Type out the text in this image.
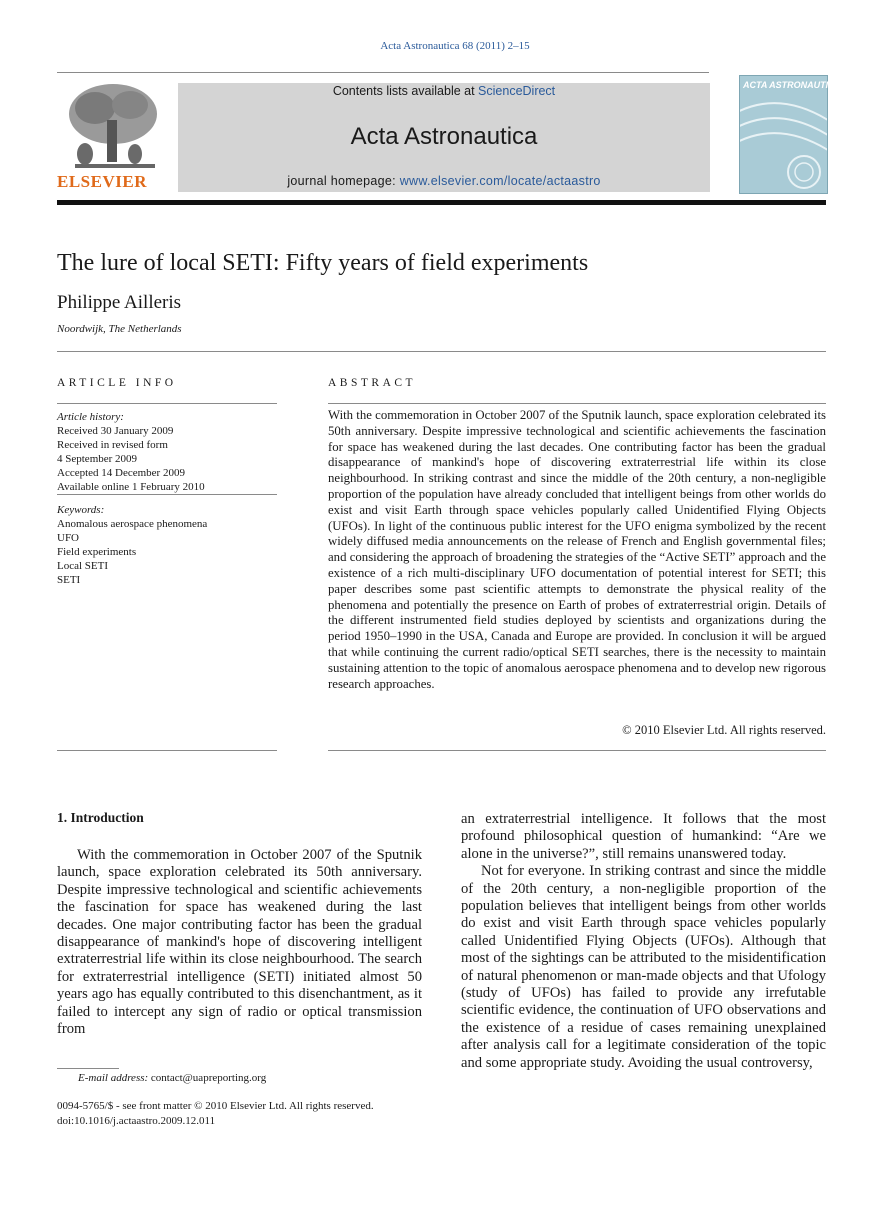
Acta Astronautica 68 (2011) 2–15
ELSEVIER
Contents lists available at ScienceDirect
Acta Astronautica
journal homepage: www.elsevier.com/locate/actaastro
ACTA ASTRONAUTICA
The lure of local SETI: Fifty years of field experiments
Philippe Ailleris
Noordwijk, The Netherlands
ARTICLE INFO
Article history:
Received 30 January 2009
Received in revised form
4 September 2009
Accepted 14 December 2009
Available online 1 February 2010
Keywords:
Anomalous aerospace phenomena
UFO
Field experiments
Local SETI
SETI
ABSTRACT
With the commemoration in October 2007 of the Sputnik launch, space exploration celebrated its 50th anniversary. Despite impressive technological and scientific achievements the fascination for space has weakened during the last decades. One contributing factor has been the gradual disappearance of mankind's hope of discovering extraterrestrial life within its close neighbourhood. In striking contrast and since the middle of the 20th century, a non-negligible proportion of the population have already concluded that intelligent beings from other worlds do exist and visit Earth through space vehicles popularly called Unidentified Flying Objects (UFOs). In light of the continuous public interest for the UFO enigma symbolized by the recent widely diffused media announcements on the release of French and English governmental files; and considering the approach of broadening the strategies of the “Active SETI” approach and the existence of a rich multi-disciplinary UFO documentation of potential interest for SETI; this paper describes some past scientific attempts to demonstrate the physical reality of the phenomena and potentially the presence on Earth of probes of extraterrestrial origin. Details of the different instrumented field studies deployed by scientists and organizations during the period 1950–1990 in the USA, Canada and Europe are provided. In conclusion it will be argued that while continuing the current radio/optical SETI searches, there is the necessity to maintain sustaining attention to the topic of anomalous aerospace phenomena and to develop new rigorous research approaches.
© 2010 Elsevier Ltd. All rights reserved.
1. Introduction

With the commemoration in October 2007 of the Sputnik launch, space exploration celebrated its 50th anniversary. Despite impressive technological and scientific achievements the fascination for space has weakened during the last decades. One major contributing factor has been the gradual disappearance of mankind's hope of discovering intelligent extraterrestrial life within its close neighbourhood. The search for extraterrestrial intelligence (SETI) initiated almost 50 years ago has equally contributed to this disenchantment, as it failed to intercept any sign of radio or optical transmission from

an extraterrestrial intelligence. It follows that the most profound philosophical question of humankind: “Are we alone in the universe?”, still remains unanswered today.

Not for everyone. In striking contrast and since the middle of the 20th century, a non-negligible proportion of the population believes that intelligent beings from other worlds do exist and visit Earth through space vehicles popularly called Unidentified Flying Objects (UFOs). Although that most of the sightings can be attributed to the misidentification of natural phenomenon or man-made objects and that Ufology (study of UFOs) has failed to provide any irrefutable scientific evidence, the continuation of UFO observations and the existence of a residue of cases remaining unexplained after analysis call for a legitimate consideration of the topic and some appropriate study. Avoiding the usual controversy,

E-mail address: contact@uapreporting.org
0094-5765/$ - see front matter © 2010 Elsevier Ltd. All rights reserved.
doi:10.1016/j.actaastro.2009.12.011
